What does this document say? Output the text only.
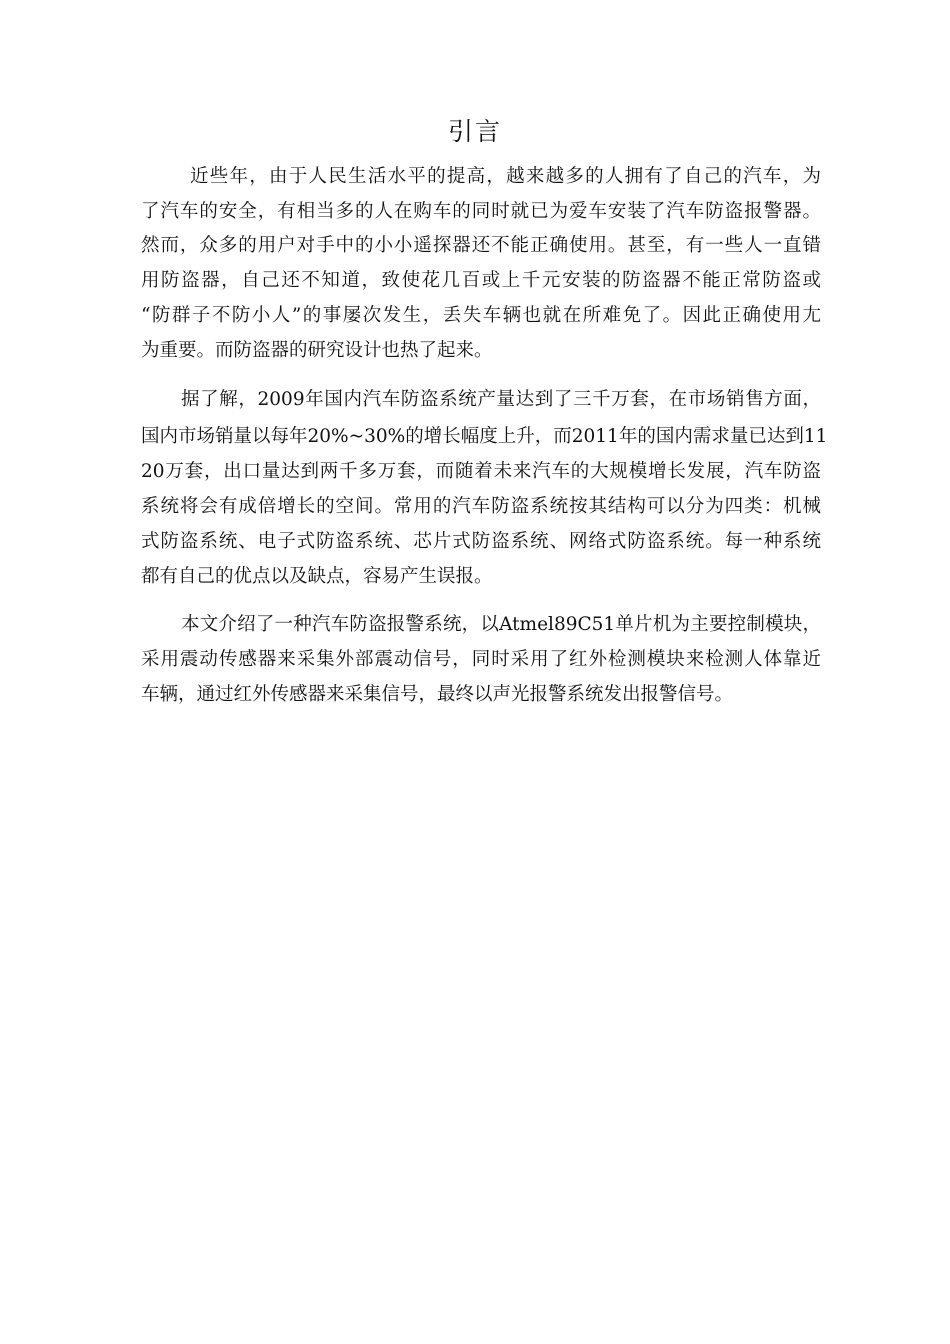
引言

近些年，由于人民生活水平的提高，越来越多的人拥有了自己的汽车，为

了汽车的安全，有相当多的人在购车的同时就已为爱车安装了汽车防盗报警器。

然而，众多的用户对手中的小小遥探器还不能正确使用。甚至，有一些人一直错

用防盗器，自己还不知道，致使花几百或上千元安装的防盗器不能正常防盗或

“防群子不防小人”的事屡次发生，丢失车辆也就在所难免了。因此正确使用尢

为重要。而防盗器的研究设计也热了起来。

据了解，2009年国内汽车防盗系统产量达到了三千万套，在市场销售方面，

国内市场销量以每年20%~30%的增长幅度上升，而2011年的国内需求量已达到11

20万套，出口量达到两千多万套，而随着未来汽车的大规模增长发展，汽车防盗

系统将会有成倍增长的空间。常用的汽车防盗系统按其结构可以分为四类：机械

式防盗系统、电子式防盗系统、芯片式防盗系统、网络式防盗系统。每一种系统

都有自己的优点以及缺点，容易产生误报。

本文介绍了一种汽车防盗报警系统，以Atmel89C51单片机为主要控制模块，

采用震动传感器来采集外部震动信号，同时采用了红外检测模块来检测人体靠近

车辆，通过红外传感器来采集信号，最终以声光报警系统发出报警信号。
